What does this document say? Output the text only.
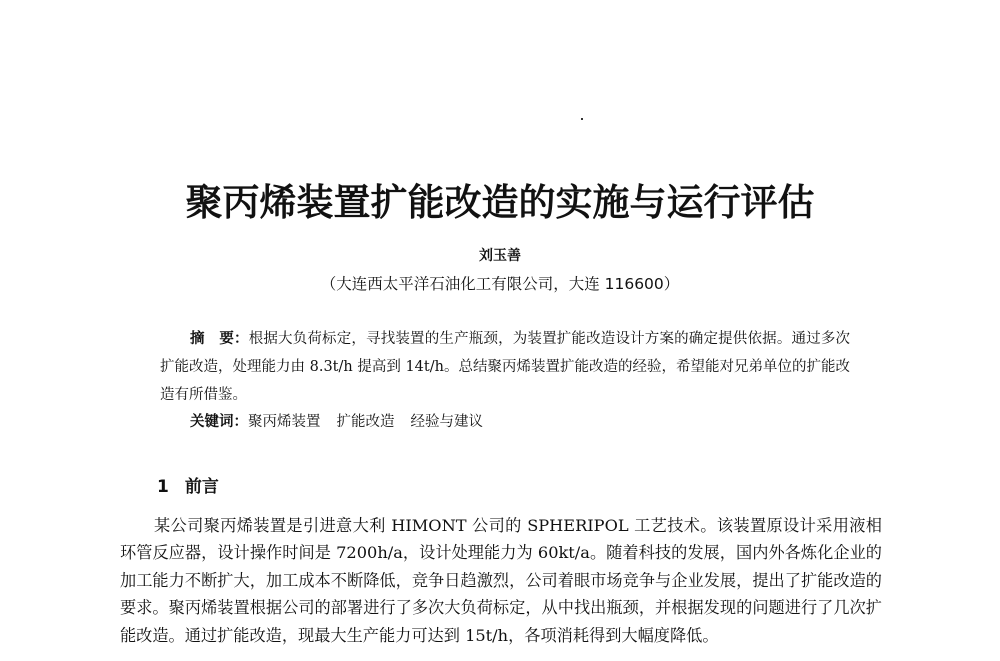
聚丙烯装置扩能改造的实施与运行评估
刘玉善
（大连西太平洋石油化工有限公司，大连 116600）
摘　要：根据大负荷标定，寻找装置的生产瓶颈，为装置扩能改造设计方案的确定提供依据。通过多次扩能改造，处理能力由 8.3t/h 提高到 14t/h。总结聚丙烯装置扩能改造的经验，希望能对兄弟单位的扩能改造有所借鉴。
关键词：聚丙烯装置 扩能改造 经验与建议
1 前言
某公司聚丙烯装置是引进意大利 HIMONT 公司的 SPHERIPOL 工艺技术。该装置原设计采用液相环管反应器，设计操作时间是 7200h/a，设计处理能力为 60kt/a。随着科技的发展，国内外各炼化企业的加工能力不断扩大，加工成本不断降低，竞争日趋激烈，公司着眼市场竞争与企业发展，提出了扩能改造的要求。聚丙烯装置根据公司的部署进行了多次大负荷标定，从中找出瓶颈，并根据发现的问题进行了几次扩能改造。通过扩能改造，现最大生产能力可达到 15t/h，各项消耗得到大幅度降低。
